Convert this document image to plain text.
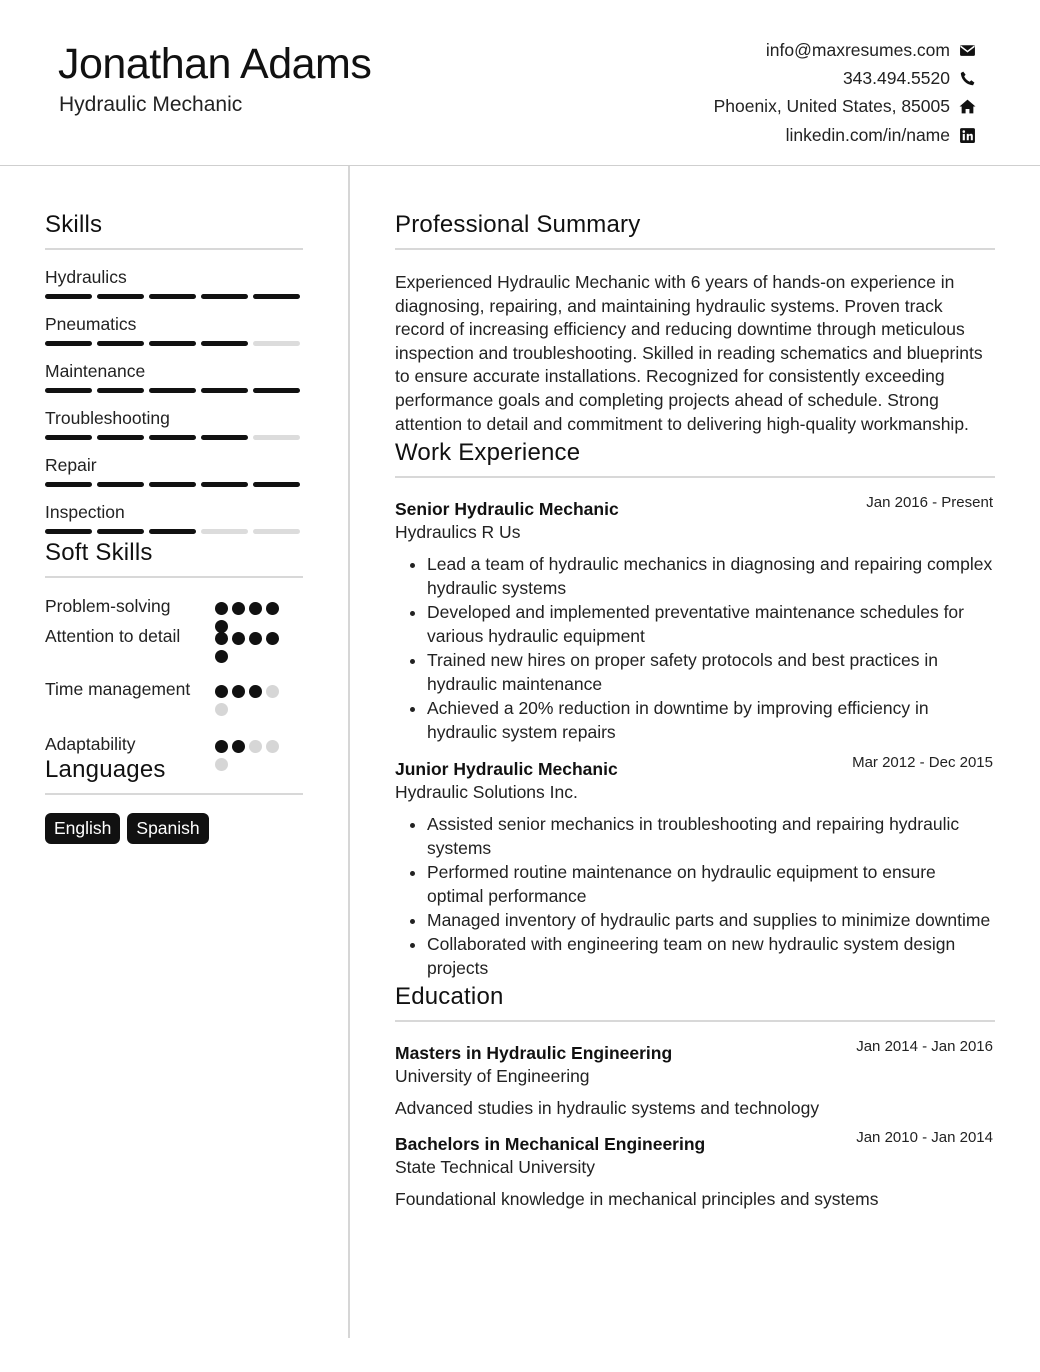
Jonathan Adams
Hydraulic Mechanic
info@maxresumes.com
343.494.5520
Phoenix, United States, 85005
linkedin.com/in/name
Skills
Hydraulics
Pneumatics
Maintenance
Troubleshooting
Repair
Inspection
Soft Skills
Problem-solving
Attention to detail
Time management
Adaptability
Languages
English	Spanish
Professional Summary

Experienced Hydraulic Mechanic with 6 years of hands-on experience in diagnosing, repairing, and maintaining hydraulic systems. Proven track record of increasing efficiency and reducing downtime through meticulous inspection and troubleshooting. Skilled in reading schematics and blueprints to ensure accurate installations. Recognized for consistently exceeding performance goals and completing projects ahead of schedule. Strong attention to detail and commitment to delivering high-quality workmanship.

Work Experience
Senior Hydraulic Mechanic	Jan 2016 - Present
Hydraulics R Us
• Lead a team of hydraulic mechanics in diagnosing and repairing complex hydraulic systems
• Developed and implemented preventative maintenance schedules for various hydraulic equipment
• Trained new hires on proper safety protocols and best practices in hydraulic maintenance
• Achieved a 20% reduction in downtime by improving efficiency in hydraulic system repairs
Junior Hydraulic Mechanic	Mar 2012 - Dec 2015
Hydraulic Solutions Inc.
• Assisted senior mechanics in troubleshooting and repairing hydraulic systems
• Performed routine maintenance on hydraulic equipment to ensure optimal performance
• Managed inventory of hydraulic parts and supplies to minimize downtime
• Collaborated with engineering team on new hydraulic system design projects
Education
Masters in Hydraulic Engineering	Jan 2014 - Jan 2016
University of Engineering
Advanced studies in hydraulic systems and technology
Bachelors in Mechanical Engineering	Jan 2010 - Jan 2014
State Technical University
Foundational knowledge in mechanical principles and systems
